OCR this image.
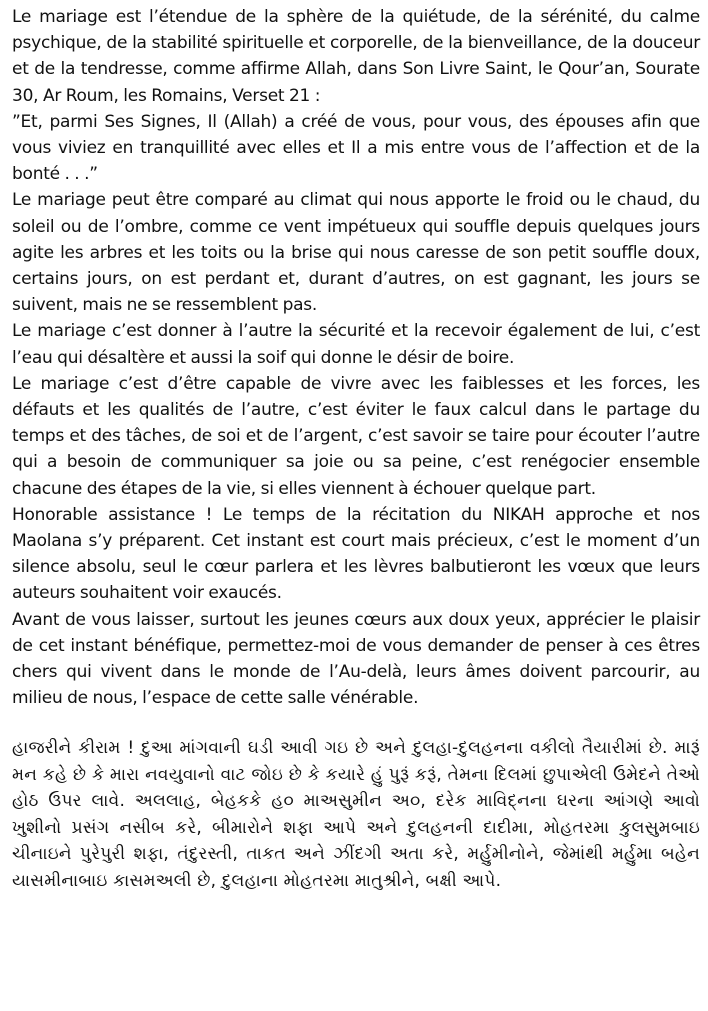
Le mariage est l’étendue de la sphère de la quiétude, de la sérénité, du calme psychique, de la stabilité spirituelle et corporelle, de la bienveillance, de la douceur et de la tendresse, comme affirme Allah, dans Son Livre Saint, le Qour’an, Sourate 30, Ar Roum, les Romains, Verset 21 :

”Et, parmi Ses Signes, Il (Allah) a créé de vous, pour vous, des épouses afin que vous viviez en tranquillité avec elles et Il a mis entre vous de l’affection et de la bonté . . .”

Le mariage peut être comparé au climat qui nous apporte le froid ou le chaud, du soleil ou de l’ombre, comme ce vent impétueux qui souffle depuis quelques jours agite les arbres et les toits ou la brise qui nous caresse de son petit souffle doux, certains jours, on est perdant et, durant d’autres, on est gagnant, les jours se suivent, mais ne se ressemblent pas.

Le mariage c’est donner à l’autre la sécurité et la recevoir également de lui, c’est l’eau qui désaltère et aussi la soif qui donne le désir de boire.

Le mariage c’est d’être capable de vivre avec les faiblesses et les forces, les défauts et les qualités de l’autre, c’est éviter le faux calcul dans le partage du temps et des tâches, de soi et de l’argent, c’est savoir se taire pour écouter l’autre qui a besoin de communiquer sa joie ou sa peine, c’est renégocier ensemble chacune des étapes de la vie, si elles viennent à échouer quelque part.

Honorable assistance ! Le temps de la récitation du NIKAH approche et nos Maolana s’y préparent. Cet instant est court mais précieux, c’est le moment d’un silence absolu, seul le cœur parlera et les lèvres balbutieront les vœux que leurs auteurs souhaitent voir exaucés.

Avant de vous laisser, surtout les jeunes cœurs aux doux yeux, apprécier le plaisir de cet instant bénéfique, permettez-moi de vous demander de penser à ces êtres chers qui vivent dans le monde de l’Au-delà, leurs âmes doivent parcourir, au milieu de nous, l’espace de cette salle vénérable.

હાજરીને કીરામ ! દુઆ માંગવાની ઘડી આવી ગઇ છે અને દુલહા-દુલહનના વકીલો તૈયારીમાં છે. મારૂં મન કહે છે કે મારા નવયુવાનો વાટ જોઇ છે કે કયારે હું પુરૂં કરૂં, તેમના દિલમાં છુપાએલી ઉમેદને તેઓ હોઠ ઉપર લાવે. અલલાહ, બેહકકે હ૦ માઅસુમીન અ૦, દરેક માવિદ્નના ઘરના આંગણે આવો ખુશીનો પ્રસંગ નસીબ કરે, બીમારોને શફા આપે અને દુલહનની દાદીમા, મોહતરમા કુલસુમબાઇ ચીનાઇને પુરેપુરી શફા, તંદુરસ્તી, તાકત અને ઝીંદગી અતા કરે, મર્હુમીનોને, જેમાંથી મર્હુમા બહેન યાસમીનાબાઇ કાસમઅલી છે, દુલહાના મોહતરમા માતુશ્રીને, બક્ષી આપે.
